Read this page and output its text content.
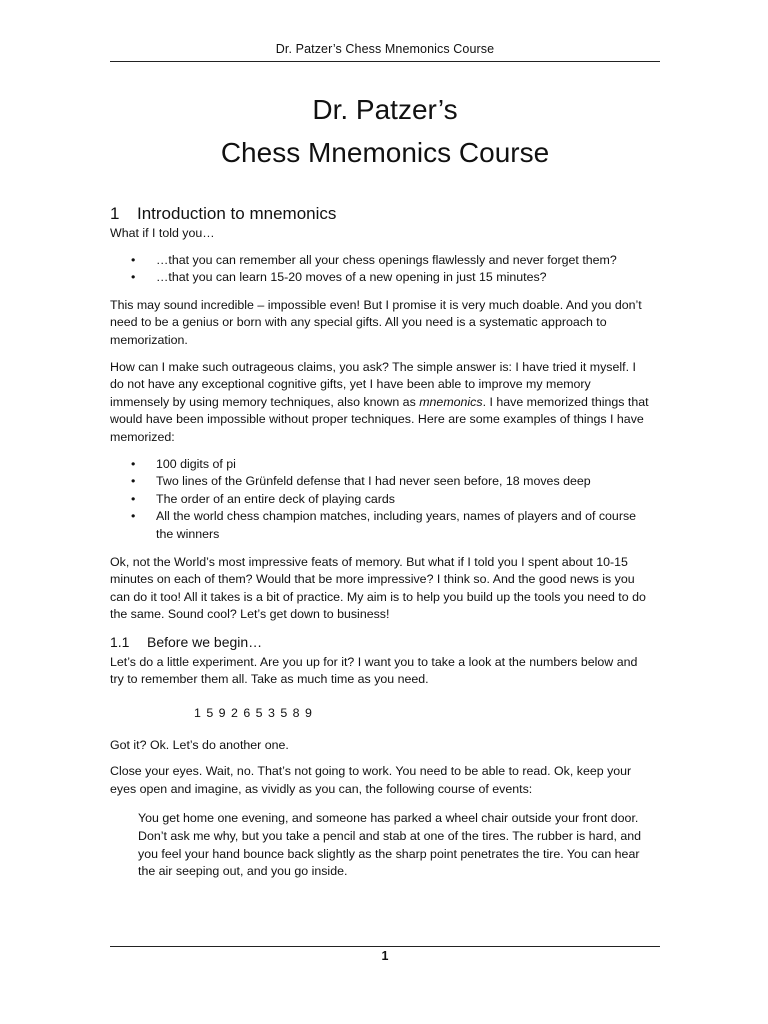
Dr. Patzer’s Chess Mnemonics Course
Dr. Patzer’s
Chess Mnemonics Course
1 Introduction to mnemonics

What if I told you…

• …that you can remember all your chess openings flawlessly and never forget them?
• …that you can learn 15-20 moves of a new opening in just 15 minutes?

This may sound incredible – impossible even! But I promise it is very much doable. And you don’t need to be a genius or born with any special gifts. All you need is a systematic approach to memorization.

How can I make such outrageous claims, you ask? The simple answer is: I have tried it myself. I do not have any exceptional cognitive gifts, yet I have been able to improve my memory immensely by using memory techniques, also known as mnemonics. I have memorized things that would have been impossible without proper techniques. Here are some examples of things I have memorized:

• 100 digits of pi
• Two lines of the Grünfeld defense that I had never seen before, 18 moves deep
• The order of an entire deck of playing cards
• All the world chess champion matches, including years, names of players and of course the winners

Ok, not the World’s most impressive feats of memory. But what if I told you I spent about 10-15 minutes on each of them? Would that be more impressive? I think so. And the good news is you can do it too! All it takes is a bit of practice. My aim is to help you build up the tools you need to do the same. Sound cool? Let’s get down to business!

1.1 Before we begin…

Let’s do a little experiment. Are you up for it? I want you to take a look at the numbers below and try to remember them all. Take as much time as you need.

1 5 9 2 6 5 3 5 8 9

Got it? Ok. Let’s do another one.

Close your eyes. Wait, no. That’s not going to work. You need to be able to read. Ok, keep your eyes open and imagine, as vividly as you can, the following course of events:

You get home one evening, and someone has parked a wheel chair outside your front door. Don’t ask me why, but you take a pencil and stab at one of the tires. The rubber is hard, and you feel your hand bounce back slightly as the sharp point penetrates the tire. You can hear the air seeping out, and you go inside.

1
